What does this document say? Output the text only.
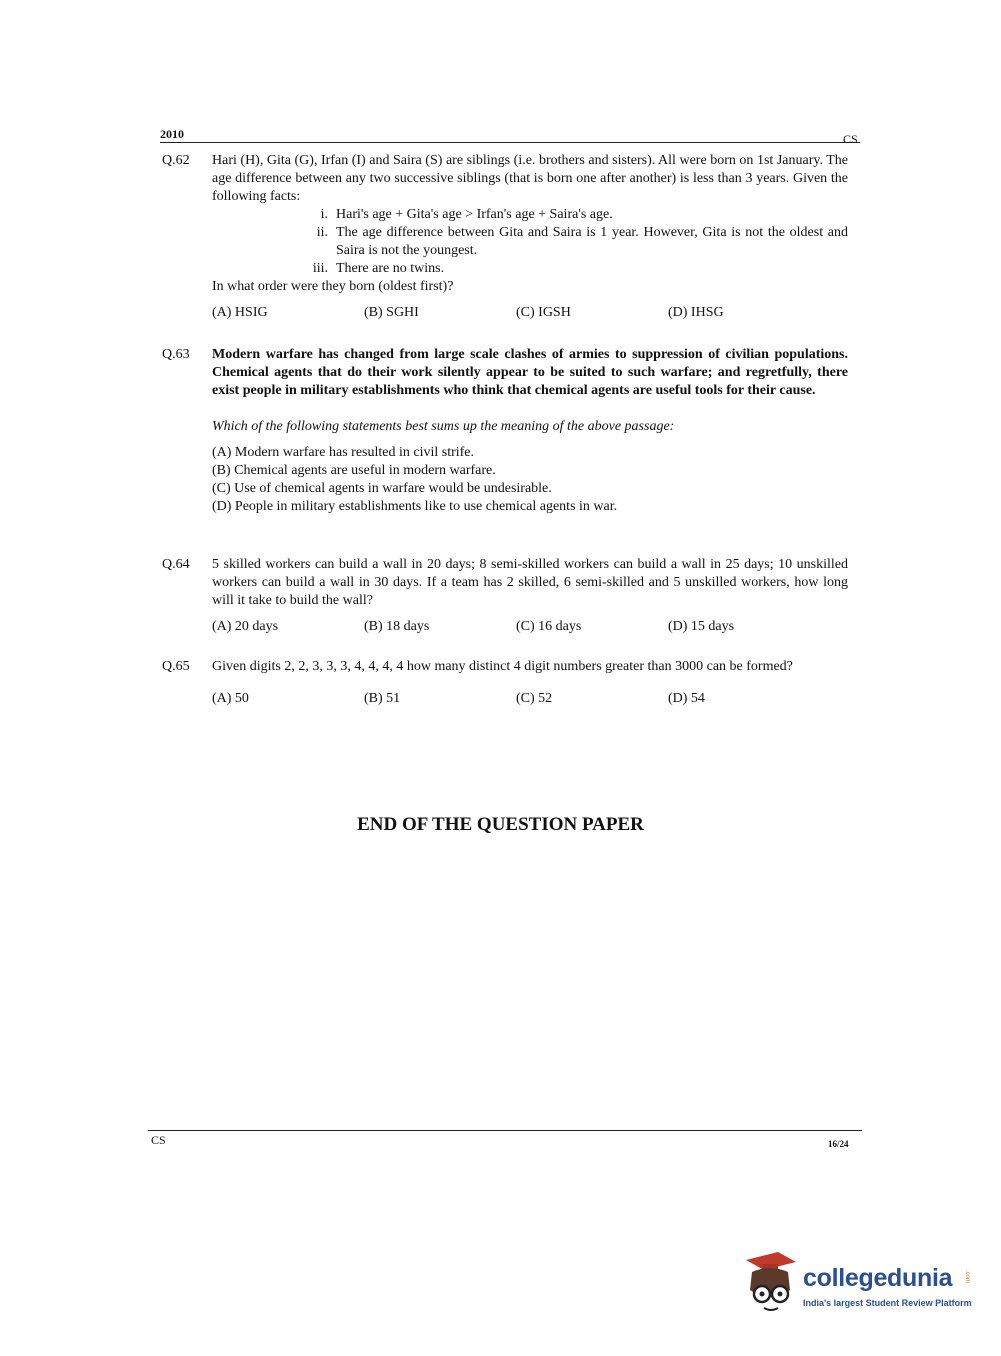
2010	CS
Q.62	Hari (H), Gita (G), Irfan (I) and Saira (S) are siblings (i.e. brothers and sisters). All were born on 1st January. The age difference between any two successive siblings (that is born one after another) is less than 3 years. Given the following facts:

i. Hari's age + Gita's age > Irfan's age + Saira's age.
ii. The age difference between Gita and Saira is 1 year. However, Gita is not the oldest and Saira is not the youngest.
iii. There are no twins.

In what order were they born (oldest first)?

(A) HSIG	(B) SGHI	(C) IGSH	(D) IHSG
Q.63	Modern warfare has changed from large scale clashes of armies to suppression of civilian populations. Chemical agents that do their work silently appear to be suited to such warfare; and regretfully, there exist people in military establishments who think that chemical agents are useful tools for their cause.

Which of the following statements best sums up the meaning of the above passage:

(A) Modern warfare has resulted in civil strife.

(B) Chemical agents are useful in modern warfare.

(C) Use of chemical agents in warfare would be undesirable.

(D) People in military establishments like to use chemical agents in war.

Q.64	5 skilled workers can build a wall in 20 days; 8 semi-skilled workers can build a wall in 25 days; 10 unskilled workers can build a wall in 30 days. If a team has 2 skilled, 6 semi-skilled and 5 unskilled workers, how long will it take to build the wall?

(A) 20 days	(B) 18 days	(C) 16 days	(D) 15 days
Q.65	Given digits 2, 2, 3, 3, 3, 4, 4, 4, 4 how many distinct 4 digit numbers greater than 3000 can be formed?

(A) 50	(B) 51	(C) 52	(D) 54
END OF THE QUESTION PAPER
CS	16/24
collegedunia .com
India's largest Student Review Platform
